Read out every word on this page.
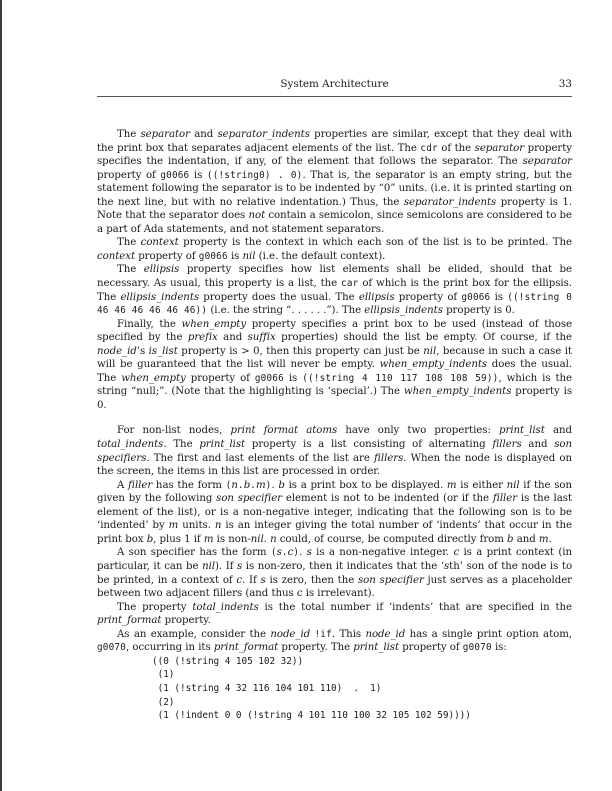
System Architecture	33

The separator and separator_indents properties are similar, except that they deal with the print box that separates adjacent elements of the list. The cdr of the separator property specifies the indentation, if any, of the element that follows the separator. The separator property of g0066 is ((!string0) . 0). That is, the separator is an empty string, but the statement following the separator is to be indented by “0” units. (i.e. it is printed starting on the next line, but with no relative indentation.) Thus, the separator_indents property is 1. Note that the separator does not contain a semicolon, since semicolons are considered to be a part of Ada statements, and not statement separators.

The context property is the context in which each son of the list is to be printed. The context property of g0066 is nil (i.e. the default context).

The ellipsis property specifies how list elements shall be elided, should that be necessary. As usual, this property is a list, the car of which is the print box for the ellipsis. The ellipsis_indents property does the usual. The ellipsis property of g0066 is ((!string 0 46 46 46 46 46 46)) (i.e. the string “. . . . . .”). The ellipsis_indents property is 0.

Finally, the when_empty property specifies a print box to be used (instead of those specified by the prefix and suffix properties) should the list be empty. Of course, if the node_id’s is_list property is > 0, then this property can just be nil, because in such a case it will be guaranteed that the list will never be empty. when_empty_indents does the usual. The when_empty property of g0066 is ((!string 4 110 117 108 108 59)), which is the string “null;”. (Note that the highlighting is ‘special’.) The when_empty_indents property is 0.

For non-list nodes, print format atoms have only two properties: print_list and total_indents. The print_list property is a list consisting of alternating fillers and son specifiers. The first and last elements of the list are fillers. When the node is displayed on the screen, the items in this list are processed in order.

A filler has the form (n.b.m). b is a print box to be displayed. m is either nil if the son given by the following son specifier element is not to be indented (or if the filler is the last element of the list), or is a non-negative integer, indicating that the following son is to be ‘indented’ by m units. n is an integer giving the total number of ‘indents’ that occur in the print box b, plus 1 if m is non-nil. n could, of course, be computed directly from b and m.

A son specifier has the form (s.c). s is a non-negative integer. c is a print context (in particular, it can be nil). If s is non-zero, then it indicates that the ‘sth’ son of the node is to be printed, in a context of c. If s is zero, then the son specifier just serves as a placeholder between two adjacent fillers (and thus c is irrelevant).

The property total_indents is the total number if ‘indents’ that are specified in the print_format property.

As an example, consider the node_id !if. This node_id has a single print option atom, g0070, occurring in its print_format property. The print_list property of g0070 is:

((0 (!string 4 105 102 32))
(1)
(1 (!string 4 32 116 104 101 110)  .  1)
(2)
(1 (!indent 0 0 (!string 4 101 110 100 32 105 102 59))))
